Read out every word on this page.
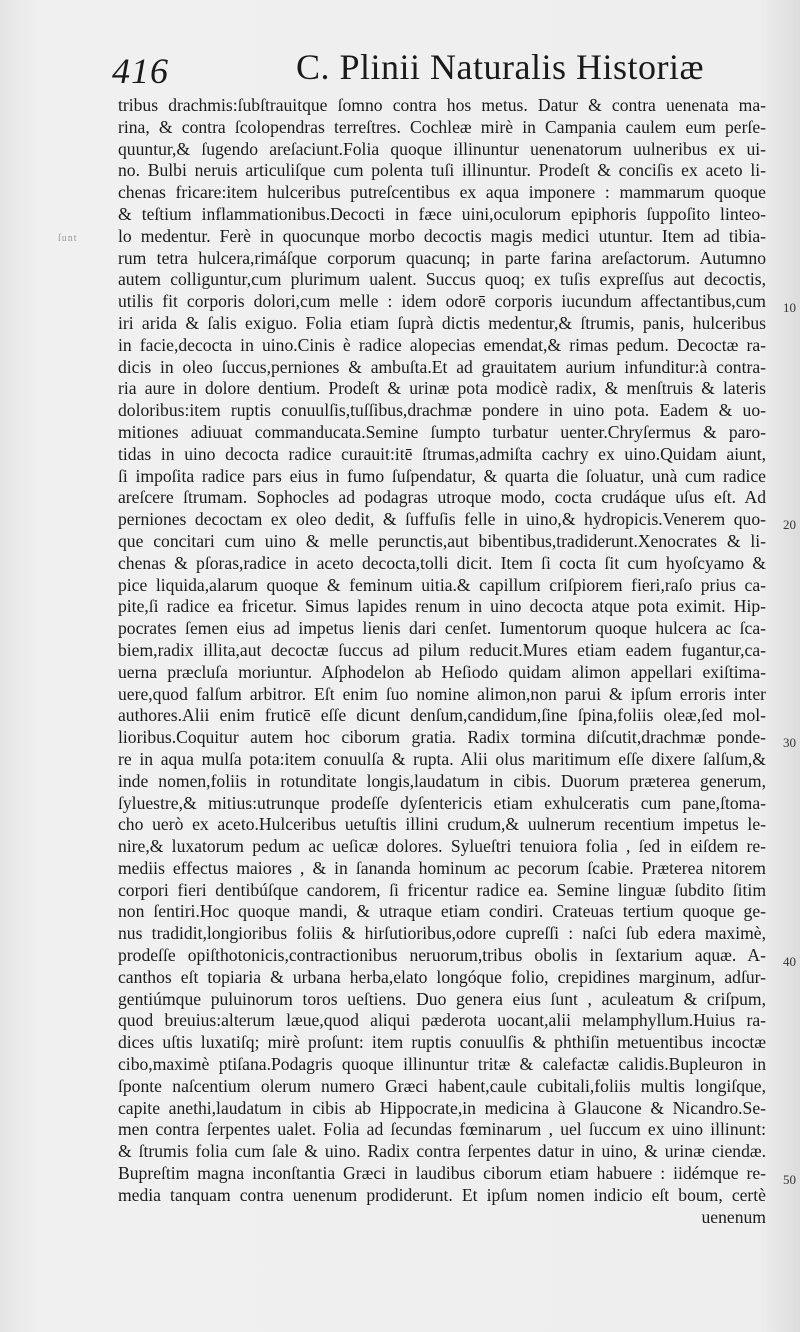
416	C. Plinii Naturalis Historiæ
ſunt
tribus drachmis:ſubſtrauitque ſomno contra hos metus. Datur & contra uenenata ma-
rina, & contra ſcolopendras terreſtres. Cochleæ mirè in Campania caulem eum perſe-
quuntur,& ſugendo areſaciunt.Folia quoque illinuntur uenenatorum uulneribus ex ui-
no. Bulbi neruis articuliſque cum polenta tuſi illinuntur. Prodeſt & conciſis ex aceto li-
chenas fricare:item hulceribus putreſcentibus ex aqua imponere : mammarum quoque
& teſtium inflammationibus.Decocti in fæce uini,oculorum epiphoris ſuppoſito linteo-
lo medentur. Ferè in quocunque morbo decoctis magis medici utuntur. Item ad tibia-
rum tetra hulcera,rimáſque corporum quacunq; in parte farina areſactorum. Autumno
autem colliguntur,cum plurimum ualent. Succus quoq; ex tuſis expreſſus aut decoctis,
utilis fit corporis dolori,cum melle : idem odorē corporis iucundum affectantibus,cum
iri arida & ſalis exiguo. Folia etiam ſuprà dictis medentur,& ſtrumis, panis, hulceribus
in facie,decocta in uino.Cinis è radice alopecias emendat,& rimas pedum. Decoctæ ra-
dicis in oleo ſuccus,perniones & ambuſta.Et ad grauitatem aurium infunditur:à contra-
ria aure in dolore dentium. Prodeſt & urinæ pota modicè radix, & menſtruis & lateris
doloribus:item ruptis conuulſis,tuſſibus,drachmæ pondere in uino pota. Eadem & uo-
mitiones adiuuat commanducata.Semine ſumpto turbatur uenter.Chryſermus & paro-
tidas in uino decocta radice curauit:itē ſtrumas,admiſta cachry ex uino.Quidam aiunt,
ſi impoſita radice pars eius in fumo ſuſpendatur, & quarta die ſoluatur, unà cum radice
areſcere ſtrumam. Sophocles ad podagras utroque modo, cocta crudáque uſus eſt. Ad
perniones decoctam ex oleo dedit, & ſuffuſis felle in uino,& hydropicis.Venerem quo-
que concitari cum uino & melle perunctis,aut bibentibus,tradiderunt.Xenocrates & li-
chenas & pſoras,radice in aceto decocta,tolli dicit. Item ſi cocta ſit cum hyoſcyamo &
pice liquida,alarum quoque & feminum uitia.& capillum criſpiorem fieri,raſo prius ca-
pite,ſi radice ea fricetur. Simus lapides renum in uino decocta atque pota eximit. Hip-
pocrates ſemen eius ad impetus lienis dari cenſet. Iumentorum quoque hulcera ac ſca-
biem,radix illita,aut decoctæ ſuccus ad pilum reducit.Mures etiam eadem fugantur,ca-
uerna præcluſa moriuntur. Aſphodelon ab Heſiodo quidam alimon appellari exiſtima-
uere,quod falſum arbitror. Eſt enim ſuo nomine alimon,non parui & ipſum erroris inter
authores.Alii enim fruticē eſſe dicunt denſum,candidum,ſine ſpina,foliis oleæ,ſed mol-
lioribus.Coquitur autem hoc ciborum gratia. Radix tormina diſcutit,drachmæ ponde-
re in aqua mulſa pota:item conuulſa & rupta. Alii olus maritimum eſſe dixere ſalſum,&
inde nomen,foliis in rotunditate longis,laudatum in cibis. Duorum præterea generum,
ſyluestre,& mitius:utrunque prodeſſe dyſentericis etiam exhulceratis cum pane,ſtoma-
cho uerò ex aceto.Hulceribus uetuſtis illini crudum,& uulnerum recentium impetus le-
nire,& luxatorum pedum ac ueſicæ dolores. Sylueſtri tenuiora folia , ſed in eiſdem re-
mediis effectus maiores , & in ſananda hominum ac pecorum ſcabie. Præterea nitorem
corpori fieri dentibúſque candorem, ſi fricentur radice ea. Semine linguæ ſubdito ſitim
non ſentiri.Hoc quoque mandi, & utraque etiam condiri. Crateuas tertium quoque ge-
nus tradidit,longioribus foliis & hirſutioribus,odore cupreſſi : naſci ſub edera maximè,
prodeſſe opiſthotonicis,contractionibus neruorum,tribus obolis in ſextarium aquæ. A-
canthos eſt topiaria & urbana herba,elato longóque folio, crepidines marginum, adſur-
gentiúmque puluinorum toros ueſtiens. Duo genera eius ſunt , aculeatum & criſpum,
quod breuius:alterum læue,quod aliqui pæderota uocant,alii melamphyllum.Huius ra-
dices uſtis luxatiſq; mirè proſunt: item ruptis conuulſis & phthiſin metuentibus incoctæ
cibo,maximè ptiſana.Podagris quoque illinuntur tritæ & calefactæ calidis.Bupleuron in
ſponte naſcentium olerum numero Græci habent,caule cubitali,foliis multis longiſque,
capite anethi,laudatum in cibis ab Hippocrate,in medicina à Glaucone & Nicandro.Se-
men contra ſerpentes ualet. Folia ad ſecundas fœminarum , uel ſuccum ex uino illinunt:
& ſtrumis folia cum ſale & uino. Radix contra ſerpentes datur in uino, & urinæ ciendæ.
Bupreſtim magna inconſtantia Græci in laudibus ciborum etiam habuere : iidémque re-
media tanquam contra uenenum prodiderunt. Et ipſum nomen indicio eſt boum, certè
uenenum
10
20
30
40
50
